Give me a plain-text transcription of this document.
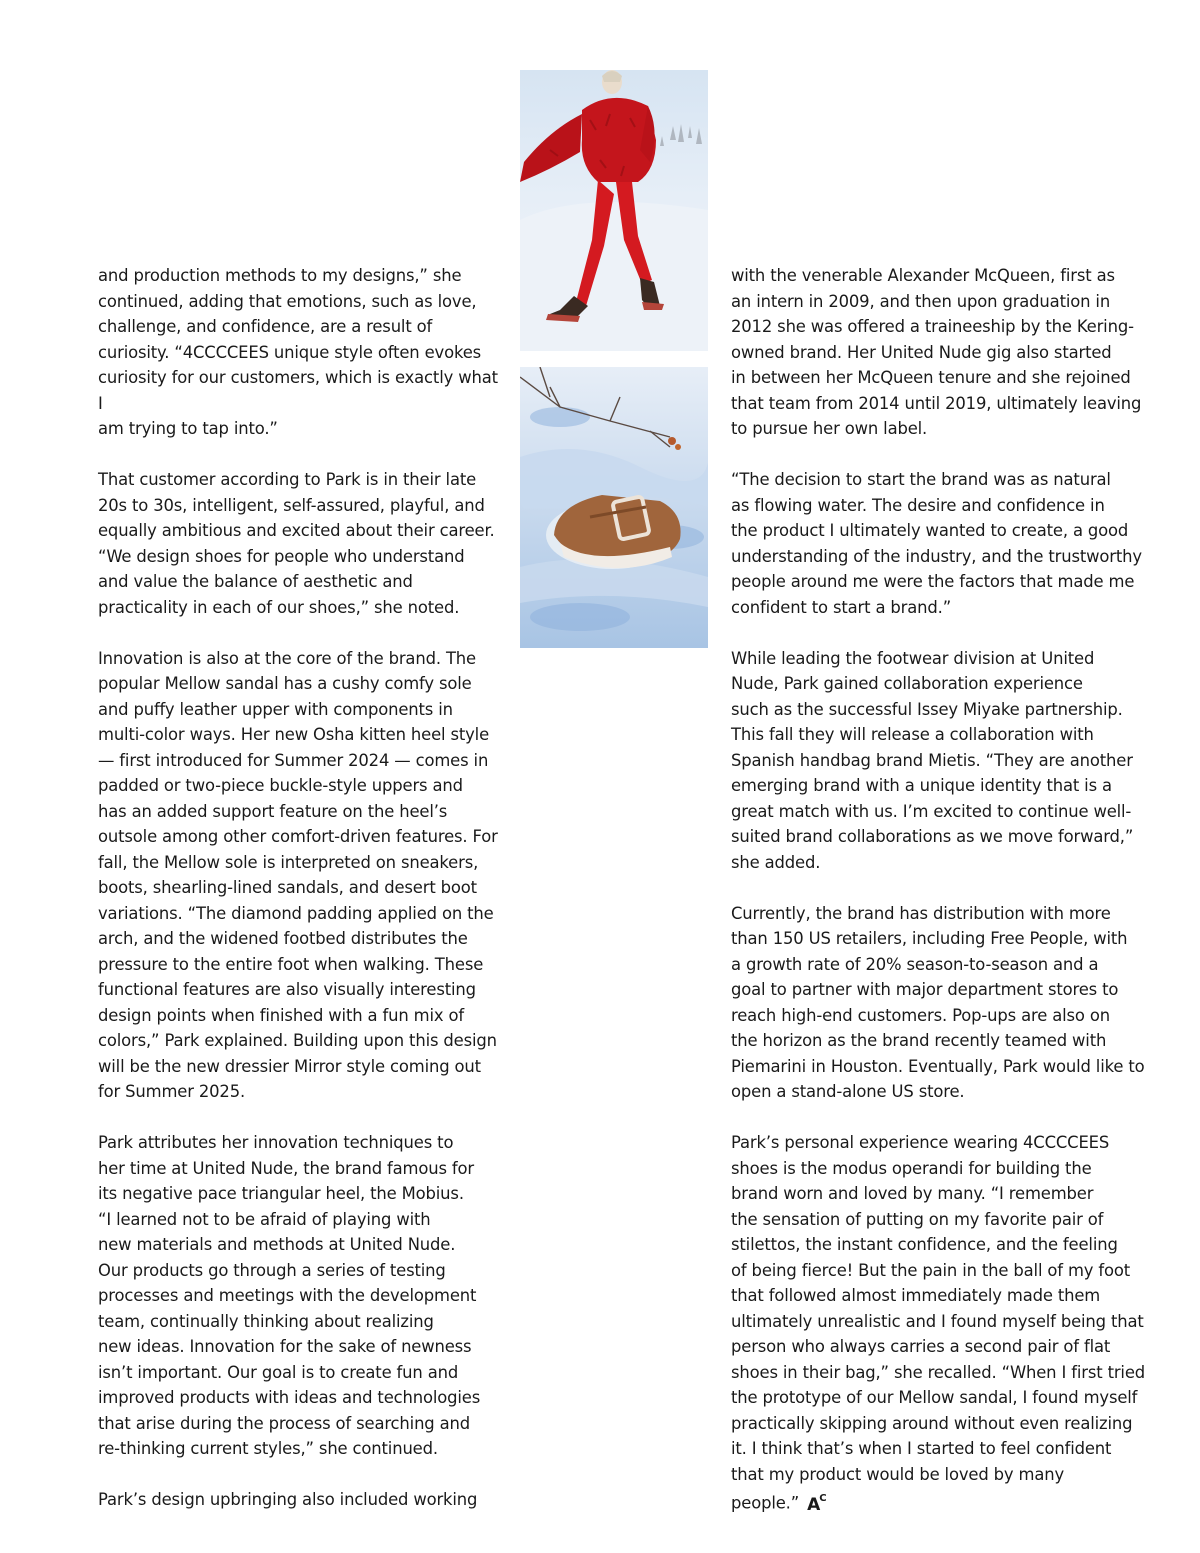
and production methods to my designs,” she
continued, adding that emotions, such as love,
challenge, and confidence, are a result of
curiosity. “4CCCCEES unique style often evokes
curiosity for our customers, which is exactly what I
am trying to tap into.”

That customer according to Park is in their late
20s to 30s, intelligent, self-assured, playful, and
equally ambitious and excited about their career.
“We design shoes for people who understand
and value the balance of aesthetic and
practicality in each of our shoes,” she noted.

Innovation is also at the core of the brand. The
popular Mellow sandal has a cushy comfy sole
and puffy leather upper with components in
multi-color ways. Her new Osha kitten heel style
— first introduced for Summer 2024 — comes in
padded or two-piece buckle-style uppers and
has an added support feature on the heel’s
outsole among other comfort-driven features. For
fall, the Mellow sole is interpreted on sneakers,
boots, shearling-lined sandals, and desert boot
variations. “The diamond padding applied on the
arch, and the widened footbed distributes the
pressure to the entire foot when walking. These
functional features are also visually interesting
design points when finished with a fun mix of
colors,” Park explained. Building upon this design
will be the new dressier Mirror style coming out
for Summer 2025.

Park attributes her innovation techniques to
her time at United Nude, the brand famous for
its negative pace triangular heel, the Mobius.
“I learned not to be afraid of playing with
new materials and methods at United Nude.
Our products go through a series of testing
processes and meetings with the development
team, continually thinking about realizing
new ideas. Innovation for the sake of newness
isn’t important. Our goal is to create fun and
improved products with ideas and technologies
that arise during the process of searching and
re-thinking current styles,” she continued.

Park’s design upbringing also included working

with the venerable Alexander McQueen, first as
an intern in 2009, and then upon graduation in
2012 she was offered a traineeship by the Kering-
owned brand. Her United Nude gig also started
in between her McQueen tenure and she rejoined
that team from 2014 until 2019, ultimately leaving
to pursue her own label.

“The decision to start the brand was as natural
as flowing water. The desire and confidence in
the product I ultimately wanted to create, a good
understanding of the industry, and the trustworthy
people around me were the factors that made me
confident to start a brand.”

While leading the footwear division at United
Nude, Park gained collaboration experience
such as the successful Issey Miyake partnership.
This fall they will release a collaboration with
Spanish handbag brand Mietis. “They are another
emerging brand with a unique identity that is a
great match with us. I’m excited to continue well-
suited brand collaborations as we move forward,”
she added.

Currently, the brand has distribution with more
than 150 US retailers, including Free People, with
a growth rate of 20% season-to-season and a
goal to partner with major department stores to
reach high-end customers. Pop-ups are also on
the horizon as the brand recently teamed with
Piemarini in Houston. Eventually, Park would like to
open a stand-alone US store.

Park’s personal experience wearing 4CCCCEES
shoes is the modus operandi for building the
brand worn and loved by many. “I remember
the sensation of putting on my favorite pair of
stilettos, the instant confidence, and the feeling
of being fierce! But the pain in the ball of my foot
that followed almost immediately made them
ultimately unrealistic and I found myself being that
person who always carries a second pair of flat
shoes in their bag,” she recalled. “When I first tried
the prototype of our Mellow sandal, I found myself
practically skipping around without even realizing
it. I think that’s when I started to feel confident
that my product would be loved by many people.” $A^C$
